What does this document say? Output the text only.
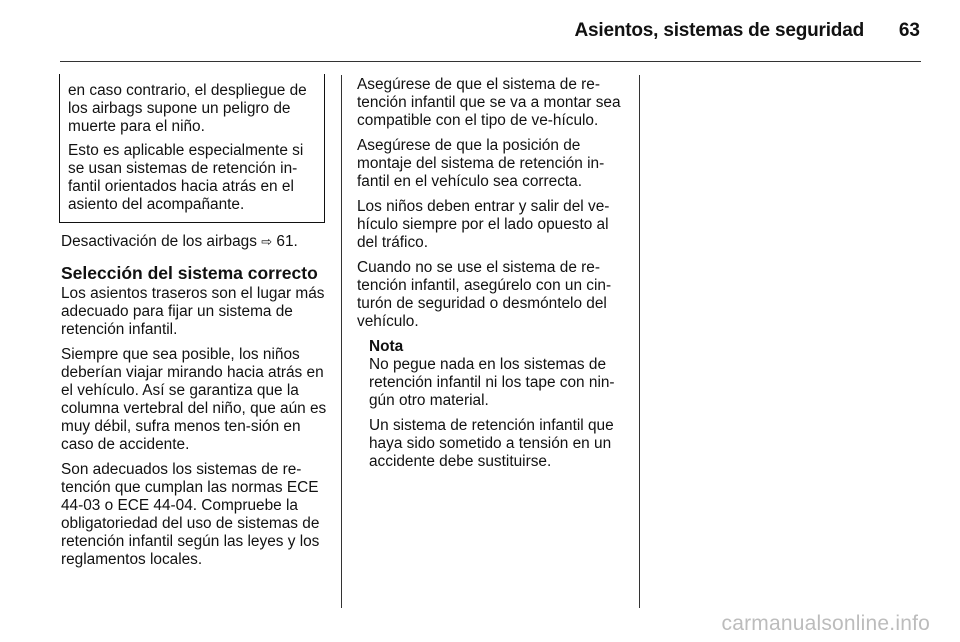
Asientos, sistemas de seguridad 63

en caso contrario, el despliegue de los airbags supone un peligro de muerte para el niño.

Esto es aplicable especialmente si se usan sistemas de retención in-fantil orientados hacia atrás en el asiento del acompañante.

Desactivación de los airbags ⇨ 61.

Selección del sistema correcto

Los asientos traseros son el lugar más adecuado para fijar un sistema de retención infantil.

Siempre que sea posible, los niños deberían viajar mirando hacia atrás en el vehículo. Así se garantiza que la columna vertebral del niño, que aún es muy débil, sufra menos ten-sión en caso de accidente.

Son adecuados los sistemas de re-tención que cumplan las normas ECE 44-03 o ECE 44-04. Compruebe la obligatoriedad del uso de sistemas de retención infantil según las leyes y los reglamentos locales.

Asegúrese de que el sistema de re-tención infantil que se va a montar sea compatible con el tipo de ve-hículo.

Asegúrese de que la posición de montaje del sistema de retención in-fantil en el vehículo sea correcta.

Los niños deben entrar y salir del ve-hículo siempre por el lado opuesto al del tráfico.

Cuando no se use el sistema de re-tención infantil, asegúrelo con un cin-turón de seguridad o desmóntelo del vehículo.

Nota

No pegue nada en los sistemas de retención infantil ni los tape con nin-gún otro material.

Un sistema de retención infantil que haya sido sometido a tensión en un accidente debe sustituirse.

carmanualsonline.info
